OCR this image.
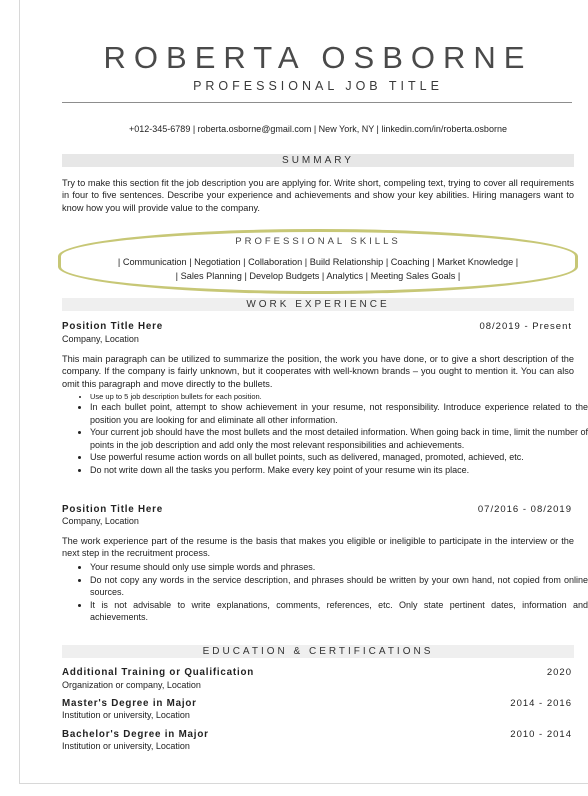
ROBERTA OSBORNE
PROFESSIONAL JOB TITLE
+012-345-6789 | roberta.osborne@gmail.com | New York, NY | linkedin.com/in/roberta.osborne
SUMMARY

Try to make this section fit the job description you are applying for. Write short, compeling text, trying to cover all requirements in four to five sentences. Describe your experience and achievements and show your key abilities. Hiring managers want to know how you will provide value to the company.

PROFESSIONAL SKILLS
| Communication | Negotiation | Collaboration | Build Relationship | Coaching | Market Knowledge |
| Sales Planning | Develop Budgets | Analytics | Meeting Sales Goals |
WORK EXPERIENCE
Position Title Here	08/2019 - Present
Company, Location

This main paragraph can be utilized to summarize the position, the work you have done, or to give a short description of the company. If the company is fairly unknown, but it cooperates with well-known brands – you ought to mention it. You can also omit this paragraph and move directly to the bullets.

• Use up to 5 job description bullets for each position.
• In each bullet point, attempt to show achievement in your resume, not responsibility. Introduce experience related to the position you are looking for and eliminate all other information.
• Your current job should have the most bullets and the most detailed information. When going back in time, limit the number of points in the job description and add only the most relevant responsibilities and achievements.
• Use powerful resume action words on all bullet points, such as delivered, managed, promoted, achieved, etc.
• Do not write down all the tasks you perform. Make every key point of your resume win its place.
Position Title Here	07/2016 - 08/2019
Company, Location

The work experience part of the resume is the basis that makes you eligible or ineligible to participate in the interview or the next step in the recruitment process.

• Your resume should only use simple words and phrases.
• Do not copy any words in the service description, and phrases should be written by your own hand, not copied from online sources.
• It is not advisable to write explanations, comments, references, etc. Only state pertinent dates, information and achievements.
EDUCATION & CERTIFICATIONS
Additional Training or Qualification	2020
Organization or company, Location
Master's Degree in Major	2014 - 2016
Institution or university, Location
Bachelor's Degree in Major	2010 - 2014
Institution or university, Location
